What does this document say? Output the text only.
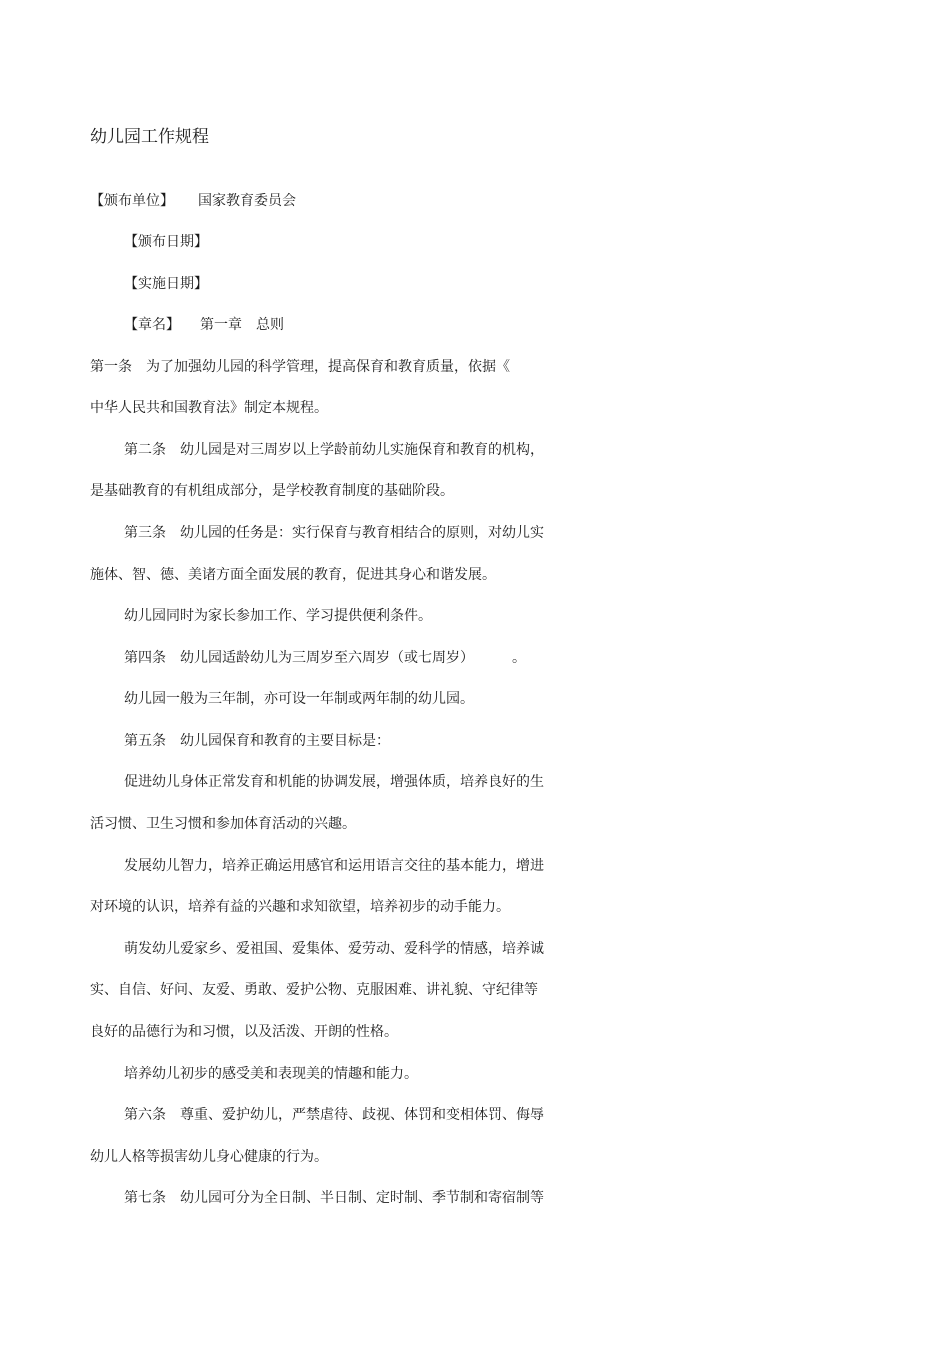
幼儿园工作规程
【颁布单位】 国家教育委员会
【颁布日期】
【实施日期】
【章名】 第一章 总则
第一条 为了加强幼儿园的科学管理，提高保育和教育质量，依据《
中华人民共和国教育法》制定本规程。
第二条 幼儿园是对三周岁以上学龄前幼儿实施保育和教育的机构，
是基础教育的有机组成部分，是学校教育制度的基础阶段。
第三条 幼儿园的任务是：实行保育与教育相结合的原则，对幼儿实
施体、智、德、美诸方面全面发展的教育，促进其身心和谐发展。
幼儿园同时为家长参加工作、学习提供便利条件。
第四条 幼儿园适龄幼儿为三周岁至六周岁（或七周岁）	。
幼儿园一般为三年制，亦可设一年制或两年制的幼儿园。
第五条 幼儿园保育和教育的主要目标是：
促进幼儿身体正常发育和机能的协调发展，增强体质，培养良好的生
活习惯、卫生习惯和参加体育活动的兴趣。
发展幼儿智力，培养正确运用感官和运用语言交往的基本能力，增进
对环境的认识，培养有益的兴趣和求知欲望，培养初步的动手能力。
萌发幼儿爱家乡、爱祖国、爱集体、爱劳动、爱科学的情感，培养诚
实、自信、好问、友爱、勇敢、爱护公物、克服困难、讲礼貌、守纪律等
良好的品德行为和习惯，以及活泼、开朗的性格。
培养幼儿初步的感受美和表现美的情趣和能力。
第六条 尊重、爱护幼儿，严禁虐待、歧视、体罚和变相体罚、侮辱
幼儿人格等损害幼儿身心健康的行为。
第七条 幼儿园可分为全日制、半日制、定时制、季节制和寄宿制等
